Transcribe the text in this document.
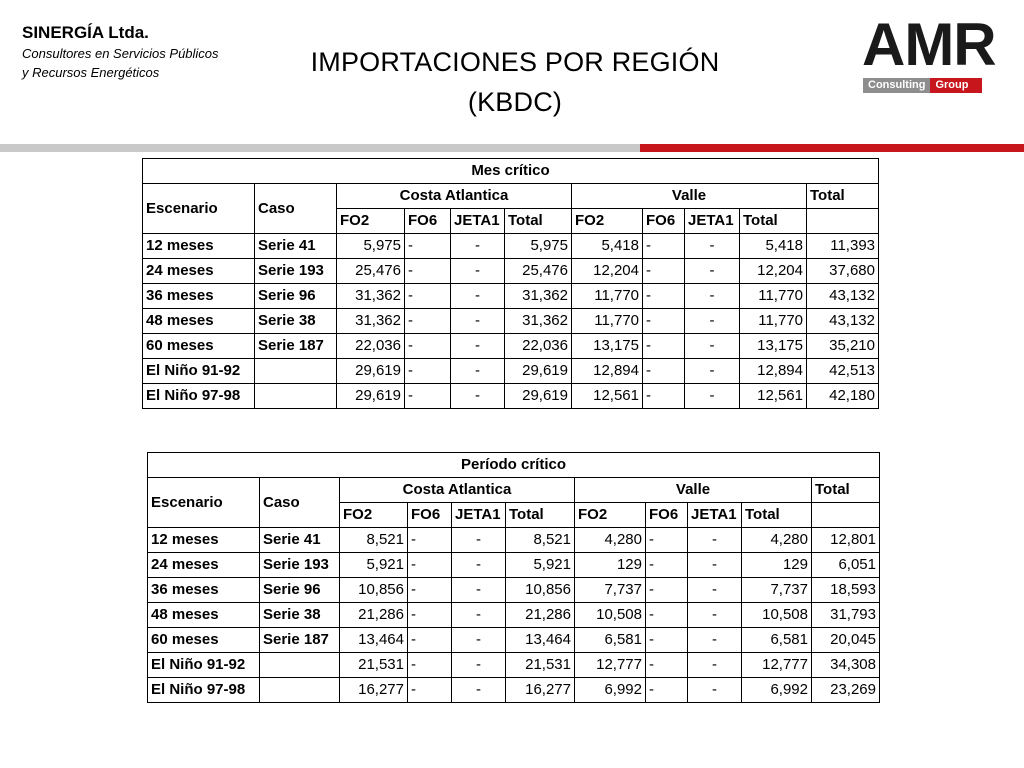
SINERGÍA Ltda.
Consultores en Servicios Públicos
y Recursos Energéticos	IMPORTACIONES POR REGIÓN
(KBDC)
AMR
Consulting Group
Mes crítico										
Escenario	Caso	Costa Atlantica				Valle				Total
		FO2	FO6	JETA1	Total	FO2	FO6	JETA1	Total	
12 meses	Serie 41	5,975	-	-	5,975	5,418	-	-	5,418	11,393
24 meses	Serie 193	25,476	-	-	25,476	12,204	-	-	12,204	37,680
36 meses	Serie 96	31,362	-	-	31,362	11,770	-	-	11,770	43,132
48 meses	Serie 38	31,362	-	-	31,362	11,770	-	-	11,770	43,132
60 meses	Serie 187	22,036	-	-	22,036	13,175	-	-	13,175	35,210
El Niño 91-92		29,619	-	-	29,619	12,894	-	-	12,894	42,513
El Niño 97-98		29,619	-	-	29,619	12,561	-	-	12,561	42,180
Período crítico										
Escenario	Caso	Costa Atlantica				Valle				Total
		FO2	FO6	JETA1	Total	FO2	FO6	JETA1	Total	
12 meses	Serie 41	8,521	-	-	8,521	4,280	-	-	4,280	12,801
24 meses	Serie 193	5,921	-	-	5,921	129	-	-	129	6,051
36 meses	Serie 96	10,856	-	-	10,856	7,737	-	-	7,737	18,593
48 meses	Serie 38	21,286	-	-	21,286	10,508	-	-	10,508	31,793
60 meses	Serie 187	13,464	-	-	13,464	6,581	-	-	6,581	20,045
El Niño 91-92		21,531	-	-	21,531	12,777	-	-	12,777	34,308
El Niño 97-98		16,277	-	-	16,277	6,992	-	-	6,992	23,269
